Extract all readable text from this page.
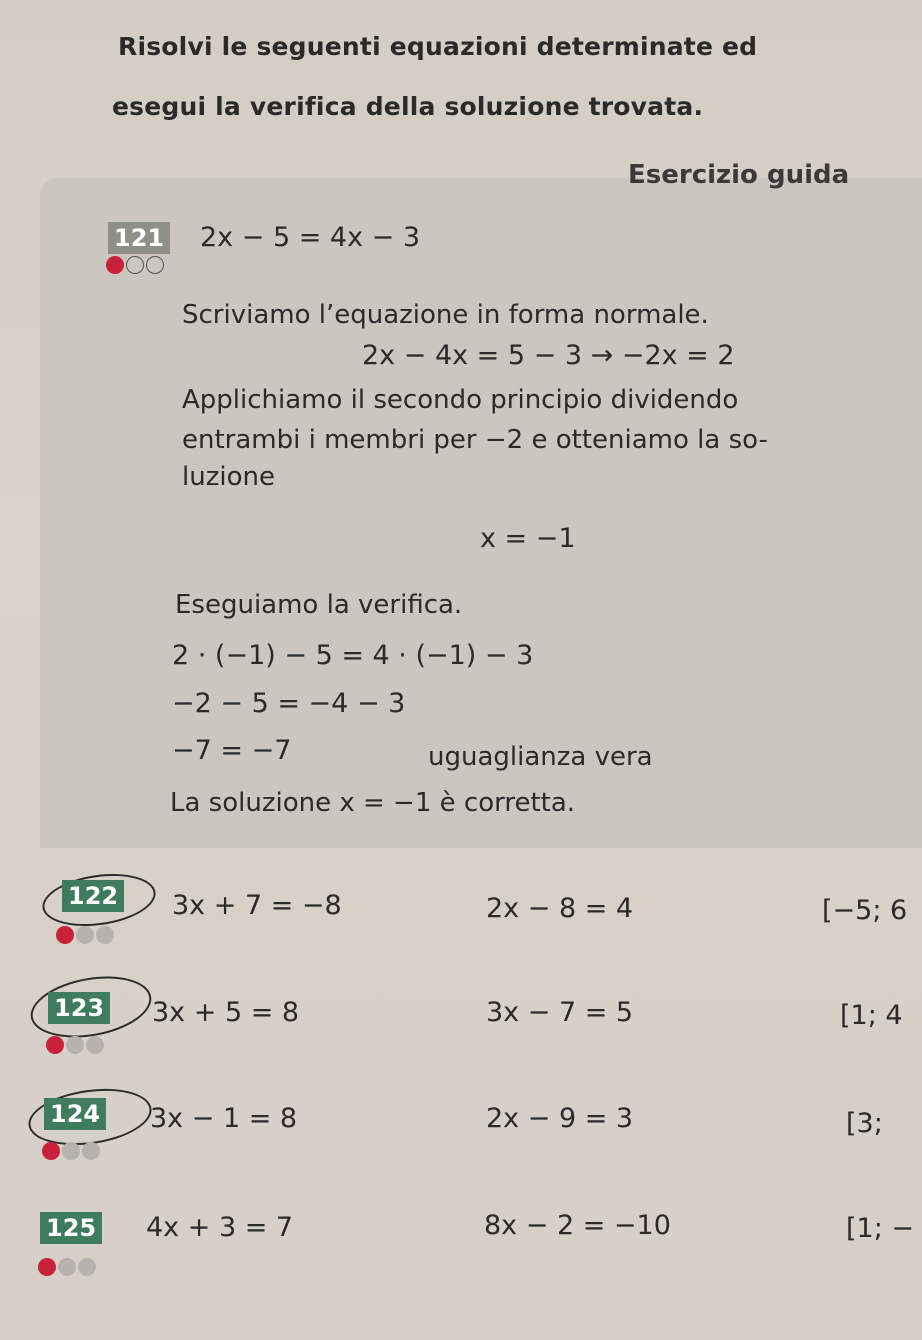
Risolvi le seguenti equazioni determinate ed
esegui la verifica della soluzione trovata.
Esercizio guida
121 2x − 5 = 4x − 3
Scriviamo l’equazione in forma normale.
2x − 4x = 5 − 3 → −2x = 2
Applichiamo il secondo principio dividendo
entrambi i membri per −2 e otteniamo la so-
luzione
x = −1
Eseguiamo la verifica.
2 · (−1) − 5 = 4 · (−1) − 3
−2 − 5 = −4 − 3
−7 = −7	uguaglianza vera
La soluzione x = −1 è corretta.
122 3x + 7 = −8	2x − 8 = 4	[−5; 6
123 3x + 5 = 8	3x − 7 = 5	[1; 4
124 3x − 1 = 8	2x − 9 = 3	[3;
125 4x + 3 = 7	8x − 2 = −10	[1; −
